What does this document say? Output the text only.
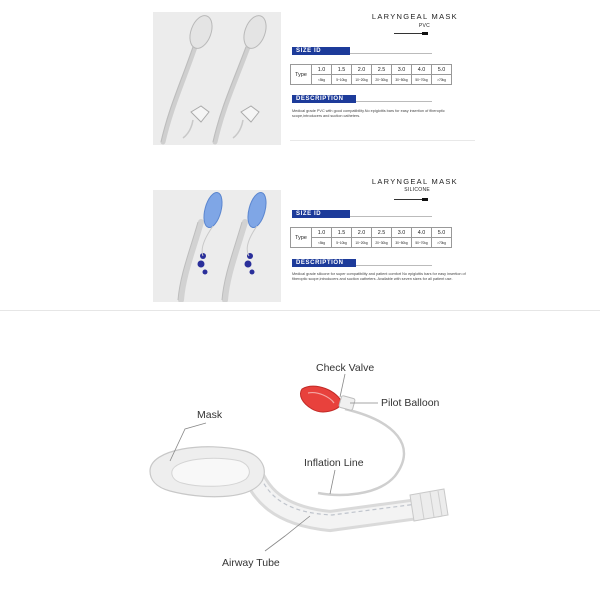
LARYNGEAL MASK
PVC
SIZE ID
Type	1.0	1.5	2.0	2.5	3.0	4.0	5.0
	<5kg	5~10kg	10~20kg	20~30kg	30~50kg	50~70kg	>70kg
DESCRIPTION
Medical grade PVC with good compatibility.No epiglottis bars for easy insertion of fiberoptic scope,introducers and suction catheters.
LARYNGEAL MASK
SILICONE
SIZE ID
Type	1.0	1.5	2.0	2.5	3.0	4.0	5.0
	<5kg	5~10kg	10~20kg	20~30kg	30~50kg	50~70kg	>70kg
DESCRIPTION
Medical grade silicone for super compatibility and patient comfort No epiglottis bars for easy insertion of fiberoptic scope,introducers and suction catheters. Available with seven sizes for all patient use.
Check Valve
Pilot Balloon
Mask
Inflation Line
Airway Tube
